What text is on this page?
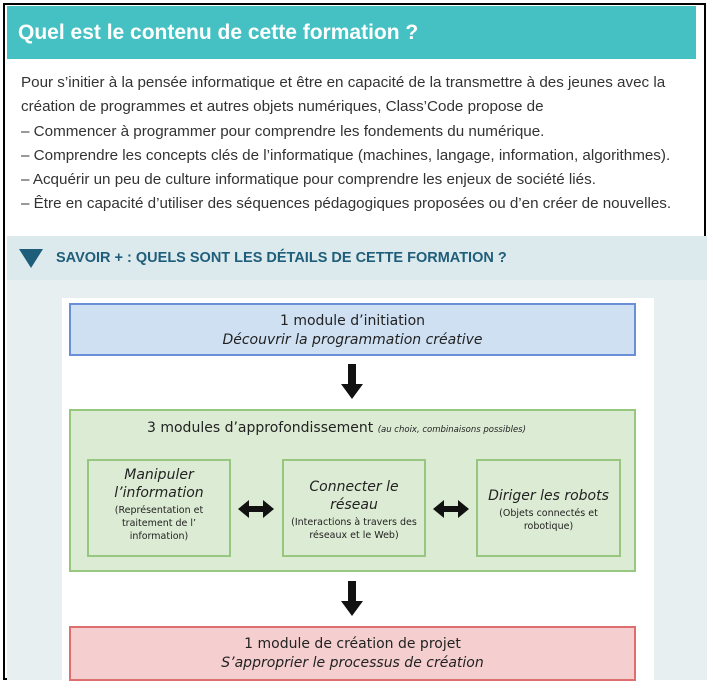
Quel est le contenu de cette formation ?

Pour s’initier à la pensée informatique et être en capacité de la transmettre à des jeunes avec la création de programmes et autres objets numériques, Class’Code propose de

– Commencer à programmer pour comprendre les fondements du numérique.

– Comprendre les concepts clés de l’informatique (machines, langage, information, algorithmes).

– Acquérir un peu de culture informatique pour comprendre les enjeux de société liés.

– Être en capacité d’utiliser des séquences pédagogiques proposées ou d’en créer de nouvelles.

SAVOIR + : QUELS SONT LES DÉTAILS DE CETTE FORMATION ?
1 module d’initiation
Découvrir la programmation créative
3 modules d’approfondissement (au choix, combinaisons possibles)
Manipuler l’information
(Représentation et traitement de l’ information)
Connecter le réseau
(Interactions à travers des réseaux et le Web)
Diriger les robots
(Objets connectés et robotique)
1 module de création de projet
S’approprier le processus de création
